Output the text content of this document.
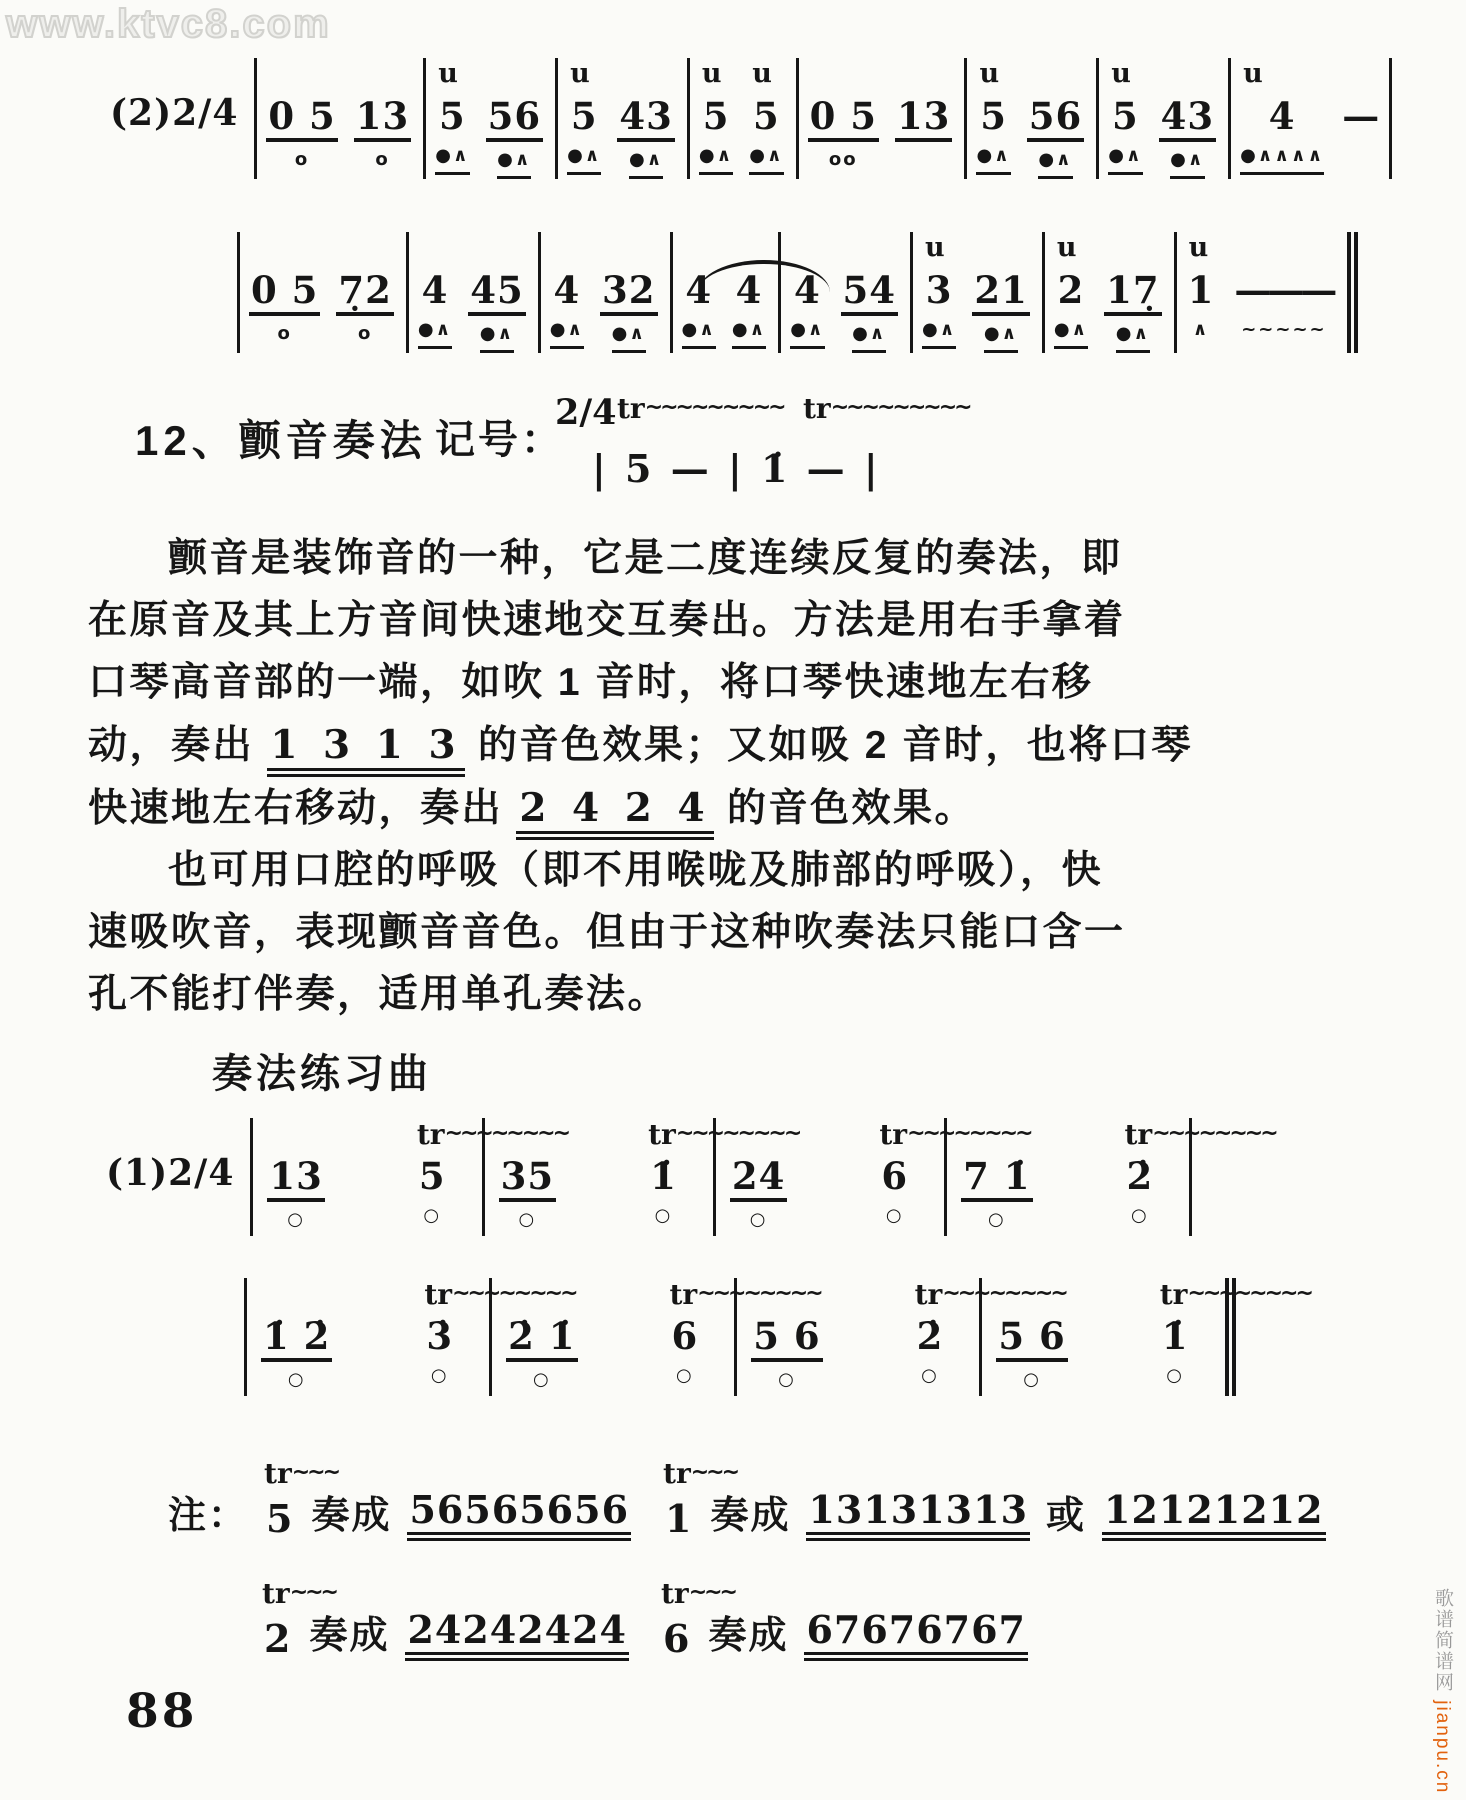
www.ktvc8.com
(2)2/4 0 5
o
13
o
u
5
●∧
56
●∧
u
5
●∧
43
●∧
u
5
●∧
u
5
●∧
0 5
oo
13
u
5
●∧
56
●∧
u
5
●∧
43
●∧
u
4
●∧∧∧∧
—
0 5
o
7̣2
o
4
●∧
45
●∧
4
●∧
32
●∧
4
●∧
4
●∧
4
●∧
54
●∧
u
3
●∧
21
●∧
u
2
●∧
17̣
●∧
u
1
∧
———
~~~~~
12、颤音奏法 记号：
2/4 tr~~~~~~~~~ tr~~~~~~~~~
| 5 — | 1̇ — |
颤音是装饰音的一种，它是二度连续反复的奏法，即
在原音及其上方音间快速地交互奏出。方法是用右手拿着
口琴高音部的一端，如吹 1 音时，将口琴快速地左右移
动，奏出 1 3 1 3 的音色效果；又如吸 2 音时，也将口琴
快速地左右移动，奏出 2 4 2 4 的音色效果。
也可用口腔的呼吸（即不用喉咙及肺部的呼吸），快
速吸吹音，表现颤音音色。但由于这种吹奏法只能口含一
孔不能打伴奏，适用单孔奏法。
奏法练习曲
(1)2/4 13
○
tr~~~~~~~~
5
○
35
○
tr~~~~~~~~
1̇
○
24
○
tr~~~~~~~~
6
○
7 1̇
○
tr~~~~~~~~
2̇
○
1̇ 2̇
○
tr~~~~~~~~
3̇
○
2̇ 1̇
○
tr~~~~~~~~
6
○
5 6
○
tr~~~~~~~~
2̇
○
5 6
○
tr~~~~~~~~
1̇
○
注：
tr~~~
5 奏成 56565656
tr~~~
1 奏成 13131313 或 12121212
tr~~~
2 奏成 24242424
tr~~~
6 奏成 67676767
88
歌谱简谱网 jianpu.cn
